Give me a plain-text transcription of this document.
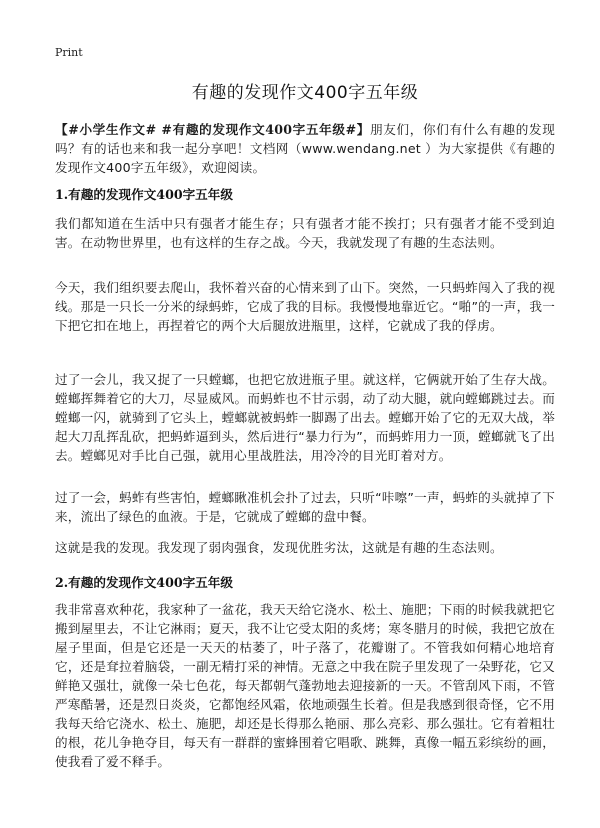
Print
有趣的发现作文400字五年级

【#小学生作文# #有趣的发现作文400字五年级#】朋友们，你们有什么有趣的发现吗？有的话也来和我一起分享吧！文档网（www.wendang.net ）为大家提供《有趣的发现作文400字五年级》，欢迎阅读。

1.有趣的发现作文400字五年级

我们都知道在生活中只有强者才能生存；只有强者才能不挨打；只有强者才能不受到迫 害。在动物世界里，也有这样的生存之战。今天，我就发现了有趣的生态法则。

今天，我们组织要去爬山，我怀着兴奋的心情来到了山下。突然，一只蚂蚱闯入了我的视线。那是一只长一分米的绿蚂蚱，它成了我的目标。我慢慢地靠近它。“啪”的一声，我一下把它扣在地上，再捏着它的两个大后腿放进瓶里，这样，它就成了我的俘虏。

过了一会儿，我又捉了一只螳螂，也把它放进瓶子里。就这样，它俩就开始了生存大战。螳螂挥舞着它的大刀，尽显威风。而蚂蚱也不甘示弱，动了动大腿，就向螳螂跳过去。而螳螂一闪，就骑到了它头上，螳螂就被蚂蚱一脚踢了出去。螳螂开始了它的无双大战，举起大刀乱挥乱砍，把蚂蚱逼到头，然后进行“暴力行为”，而蚂蚱用力一顶，螳螂就飞了出去。螳螂见对手比自己强，就用心里战胜法，用冷冷的目光盯着对方。

过了一会，蚂蚱有些害怕，螳螂瞅准机会扑了过去，只听“咔嚓”一声，蚂蚱的头就掉了下来，流出了绿色的血液。于是，它就成了螳螂的盘中餐。

这就是我的发现。我发现了弱肉强食，发现优胜劣汰，这就是有趣的生态法则。

2.有趣的发现作文400字五年级

我非常喜欢种花，我家种了一盆花，我天天给它浇水、松土、施肥；下雨的时候我就把它搬到屋里去，不让它淋雨；夏天，我不让它受太阳的炙烤；寒冬腊月的时候，我把它放在屋子里面，但是它还是一天天的枯萎了，叶子落了，花瓣谢了。不管我如何精心地培育它，还是耷拉着脑袋，一副无精打采的神情。无意之中我在院子里发现了一朵野花，它又鲜艳又强壮，就像一朵七色花，每天都朝气蓬勃地去迎接新的一天。不管刮风下雨，不管严寒酷暑，还是烈日炎炎，它都饱经风霜，依地顽强生长着。但是我感到很奇怪，它不用我每天给它浇水、松土、施肥，却还是长得那么艳丽、那么亮彩、那么强壮。它有着粗壮的根，花儿争艳夺目，每天有一群群的蜜蜂围着它唱歌、跳舞，真像一幅五彩缤纷的画，使我看了爱不释手。
